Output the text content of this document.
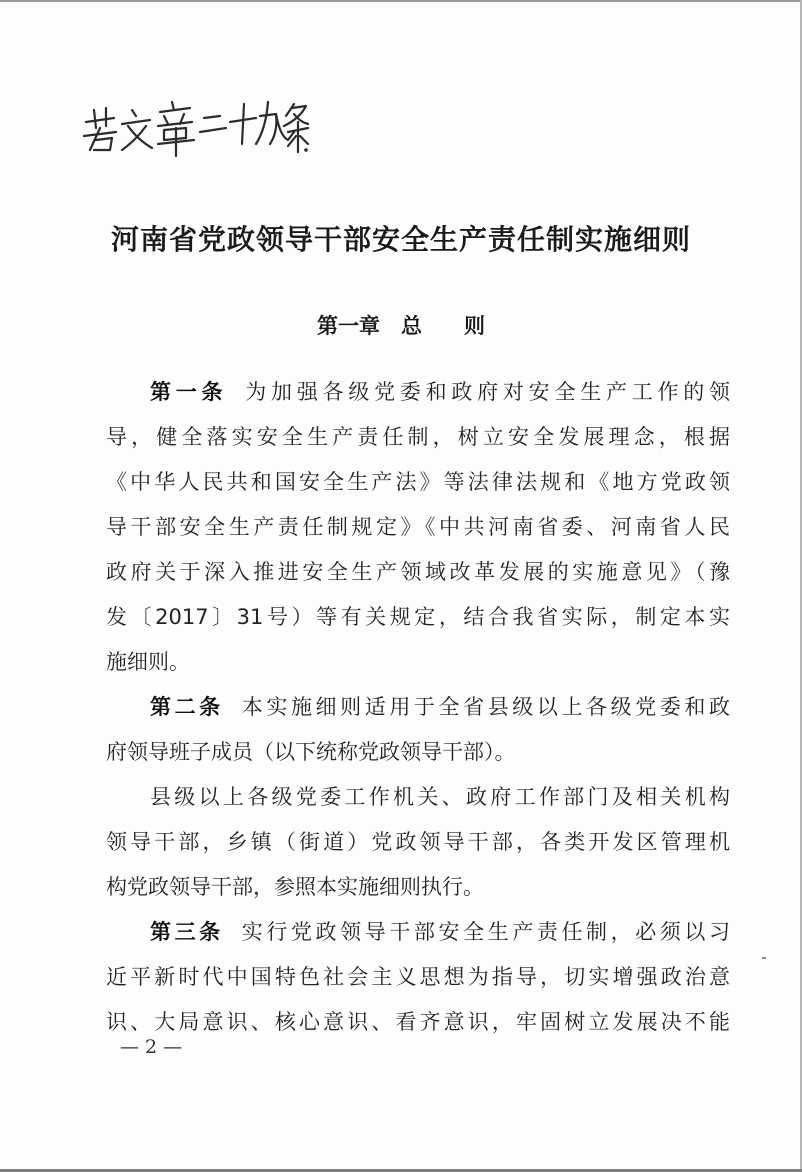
河南省党政领导干部安全生产责任制实施细则
第一章　总　　则
第一条 为加强各级党委和政府对安全生产工作的领
导，健全落实安全生产责任制，树立安全发展理念，根据
《中华人民共和国安全生产法》等法律法规和《地方党政领
导干部安全生产责任制规定》《中共河南省委、河南省人民
政府关于深入推进安全生产领域改革发展的实施意见》（豫
发〔2017〕31号）等有关规定，结合我省实际，制定本实
施细则。
第二条 本实施细则适用于全省县级以上各级党委和政
府领导班子成员（以下统称党政领导干部）。
县级以上各级党委工作机关、政府工作部门及相关机构
领导干部，乡镇（街道）党政领导干部，各类开发区管理机
构党政领导干部，参照本实施细则执行。
第三条 实行党政领导干部安全生产责任制，必须以习
近平新时代中国特色社会主义思想为指导，切实增强政治意
识、大局意识、核心意识、看齐意识，牢固树立发展决不能
— 2 —
